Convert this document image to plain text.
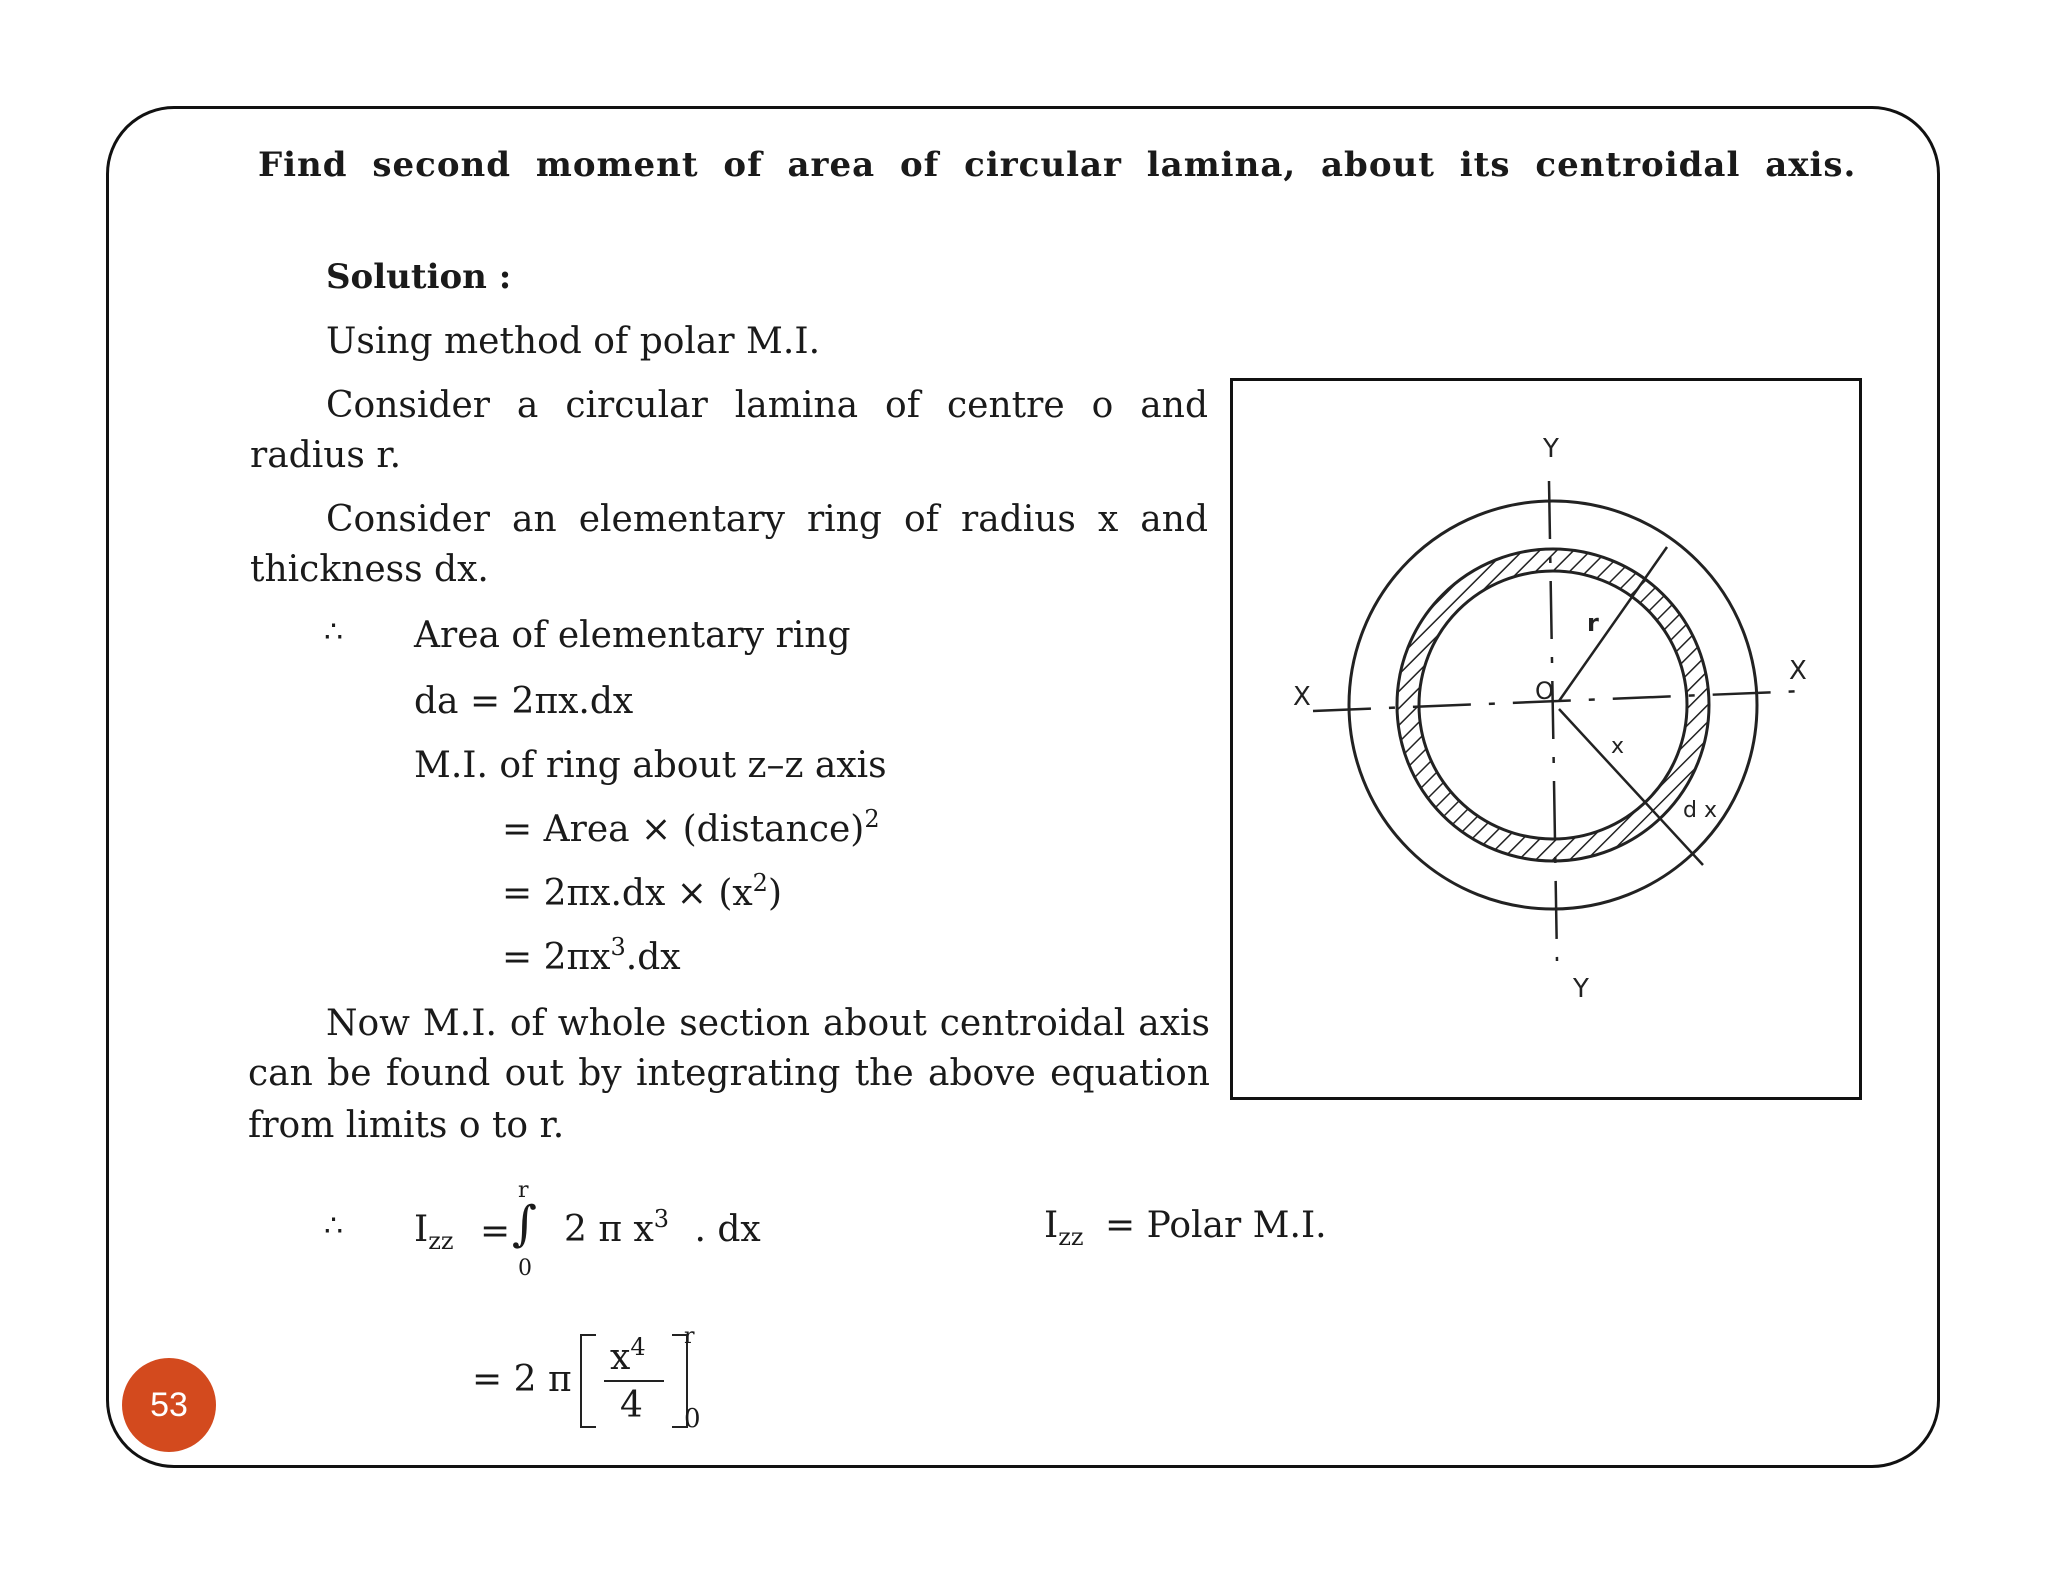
Find second moment of area of circular lamina, about its centroidal axis.
Solution :
Using method of polar M.I.
Consider a circular lamina of centre o and
radius r.
Consider an elementary ring of radius x and
thickness dx.
∴ Area of elementary ring
da = 2πx.dx
M.I. of ring about z–z axis
= Area × (distance)$^2$
= $2\pi x.dx \times (x^2)$
= $2\pi x^3.dx$
Now M.I. of whole section about centroidal axis
can be found out by integrating the above equation
from limits o to r.
∴ $I_{zz}$ =
r
∫
0
2 π $x^3$ . dx	$I_{zz}$ = Polar M.I.
= 2 π
$x^4$
4
r
0
Y
Y
X
X
O
r
x
d x
53
